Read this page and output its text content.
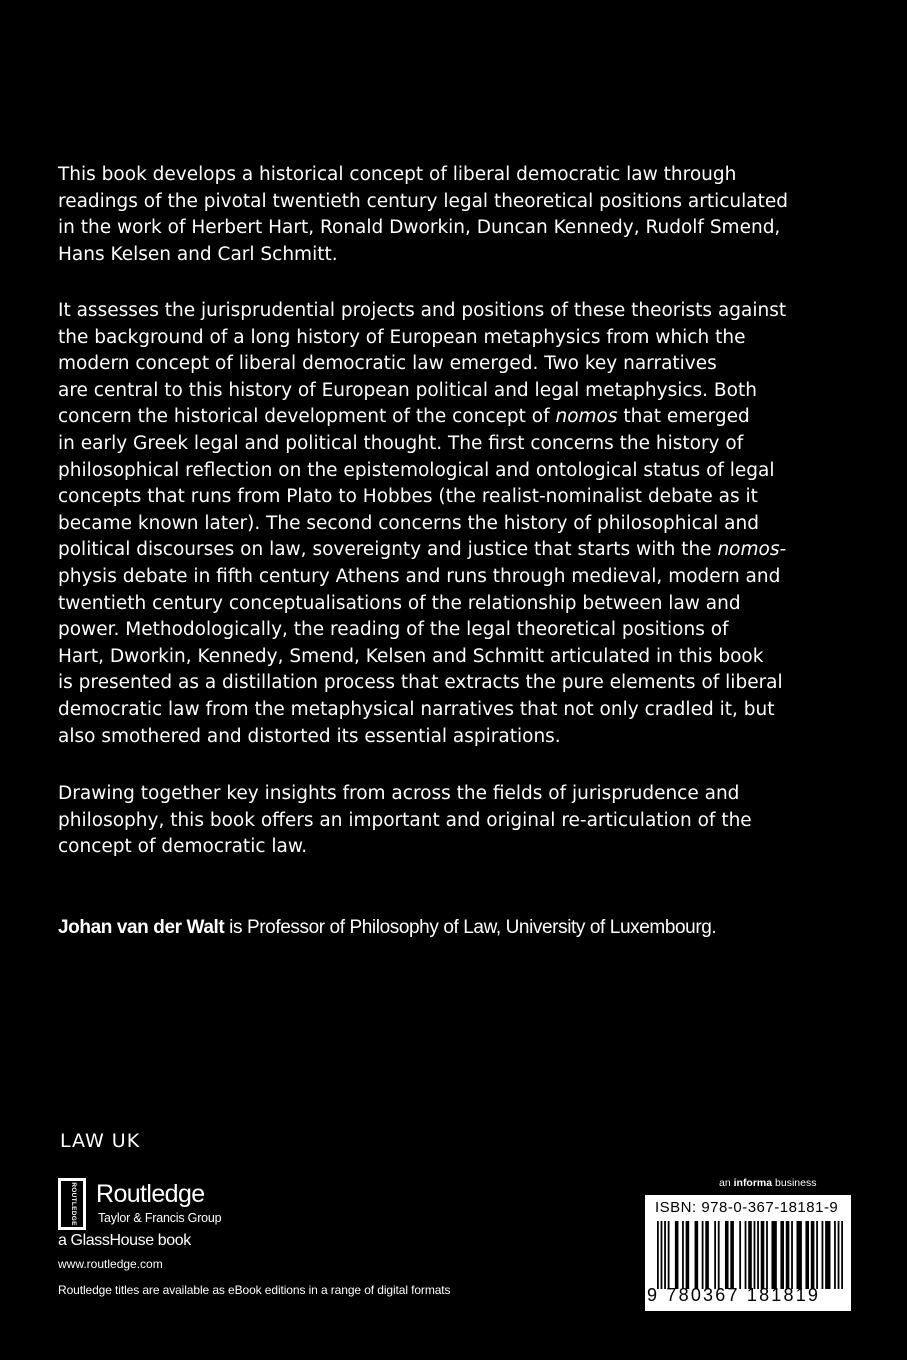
This book develops a historical concept of liberal democratic law through
readings of the pivotal twentieth century legal theoretical positions articulated
in the work of Herbert Hart, Ronald Dworkin, Duncan Kennedy, Rudolf Smend,
Hans Kelsen and Carl Schmitt.
It assesses the jurisprudential projects and positions of these theorists against
the background of a long history of European metaphysics from which the
modern concept of liberal democratic law emerged. Two key narratives
are central to this history of European political and legal metaphysics. Both
concern the historical development of the concept of nomos that emerged
in early Greek legal and political thought. The first concerns the history of
philosophical reflection on the epistemological and ontological status of legal
concepts that runs from Plato to Hobbes (the realist-nominalist debate as it
became known later). The second concerns the history of philosophical and
political discourses on law, sovereignty and justice that starts with the nomos-
physis debate in fifth century Athens and runs through medieval, modern and
twentieth century conceptualisations of the relationship between law and
power. Methodologically, the reading of the legal theoretical positions of
Hart, Dworkin, Kennedy, Smend, Kelsen and Schmitt articulated in this book
is presented as a distillation process that extracts the pure elements of liberal
democratic law from the metaphysical narratives that not only cradled it, but
also smothered and distorted its essential aspirations.
Drawing together key insights from across the fields of jurisprudence and
philosophy, this book offers an important and original re-articulation of the
concept of democratic law.
Johan van der Walt is Professor of Philosophy of Law, University of Luxembourg.
LAW UK
ROUTLEDGE Routledge
Taylor & Francis Group
a GlassHouse book
www.routledge.com
Routledge titles are available as eBook editions in a range of digital formats
an informa business
ISBN: 978-0-367-18181-9
9 780367 181819
